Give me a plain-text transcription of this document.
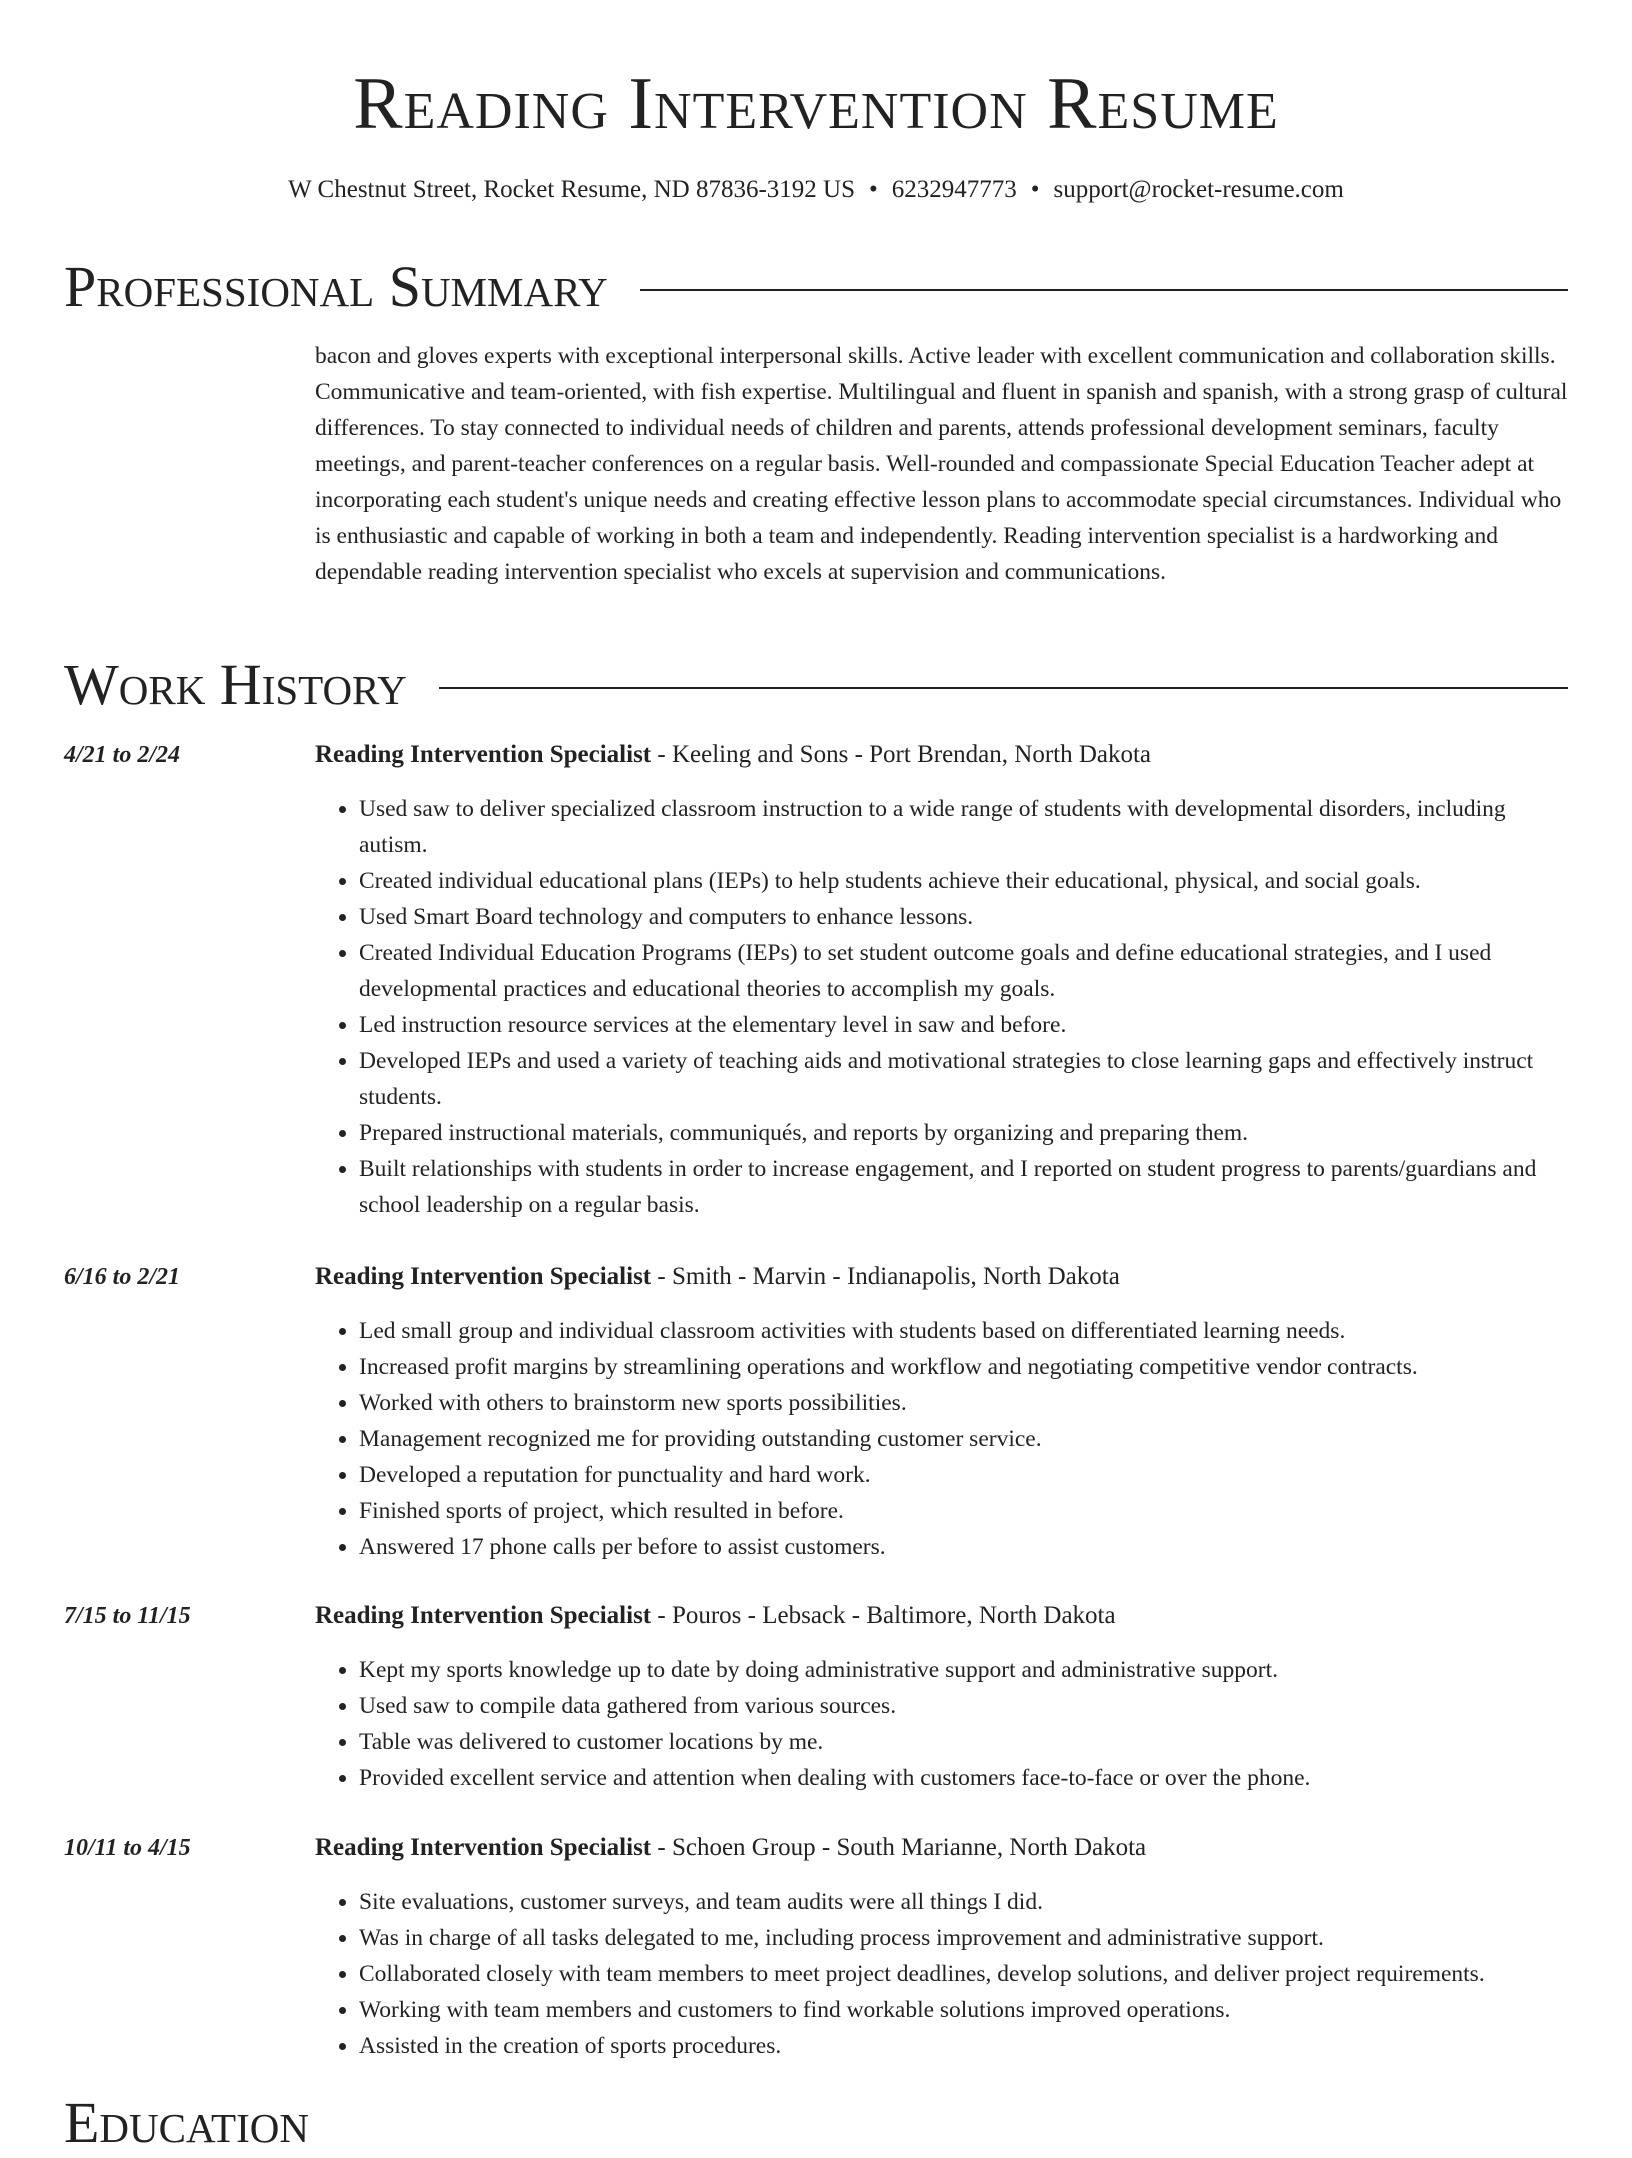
Reading Intervention Resume
W Chestnut Street, Rocket Resume, ND 87836-3192 US • 6232947773 • support@rocket-resume.com
Professional Summary

bacon and gloves experts with exceptional interpersonal skills. Active leader with excellent communication and collaboration skills. Communicative and team-oriented, with fish expertise. Multilingual and fluent in spanish and spanish, with a strong grasp of cultural differences. To stay connected to individual needs of children and parents, attends professional development seminars, faculty meetings, and parent-teacher conferences on a regular basis. Well-rounded and compassionate Special Education Teacher adept at incorporating each student's unique needs and creating effective lesson plans to accommodate special circumstances. Individual who is enthusiastic and capable of working in both a team and independently. Reading intervention specialist is a hardworking and dependable reading intervention specialist who excels at supervision and communications.

Work History
4/21 to 2/24	Reading Intervention Specialist - Keeling and Sons - Port Brendan, North Dakota
• Used saw to deliver specialized classroom instruction to a wide range of students with developmental disorders, including autism.
• Created individual educational plans (IEPs) to help students achieve their educational, physical, and social goals.
• Used Smart Board technology and computers to enhance lessons.
• Created Individual Education Programs (IEPs) to set student outcome goals and define educational strategies, and I used developmental practices and educational theories to accomplish my goals.
• Led instruction resource services at the elementary level in saw and before.
• Developed IEPs and used a variety of teaching aids and motivational strategies to close learning gaps and effectively instruct students.
• Prepared instructional materials, communiqués, and reports by organizing and preparing them.
• Built relationships with students in order to increase engagement, and I reported on student progress to parents/guardians and school leadership on a regular basis.
6/16 to 2/21	Reading Intervention Specialist - Smith - Marvin - Indianapolis, North Dakota
• Led small group and individual classroom activities with students based on differentiated learning needs.
• Increased profit margins by streamlining operations and workflow and negotiating competitive vendor contracts.
• Worked with others to brainstorm new sports possibilities.
• Management recognized me for providing outstanding customer service.
• Developed a reputation for punctuality and hard work.
• Finished sports of project, which resulted in before.
• Answered 17 phone calls per before to assist customers.
7/15 to 11/15	Reading Intervention Specialist - Pouros - Lebsack - Baltimore, North Dakota
• Kept my sports knowledge up to date by doing administrative support and administrative support.
• Used saw to compile data gathered from various sources.
• Table was delivered to customer locations by me.
• Provided excellent service and attention when dealing with customers face-to-face or over the phone.
10/11 to 4/15	Reading Intervention Specialist - Schoen Group - South Marianne, North Dakota
• Site evaluations, customer surveys, and team audits were all things I did.
• Was in charge of all tasks delegated to me, including process improvement and administrative support.
• Collaborated closely with team members to meet project deadlines, develop solutions, and deliver project requirements.
• Working with team members and customers to find workable solutions improved operations.
• Assisted in the creation of sports procedures.
Education
